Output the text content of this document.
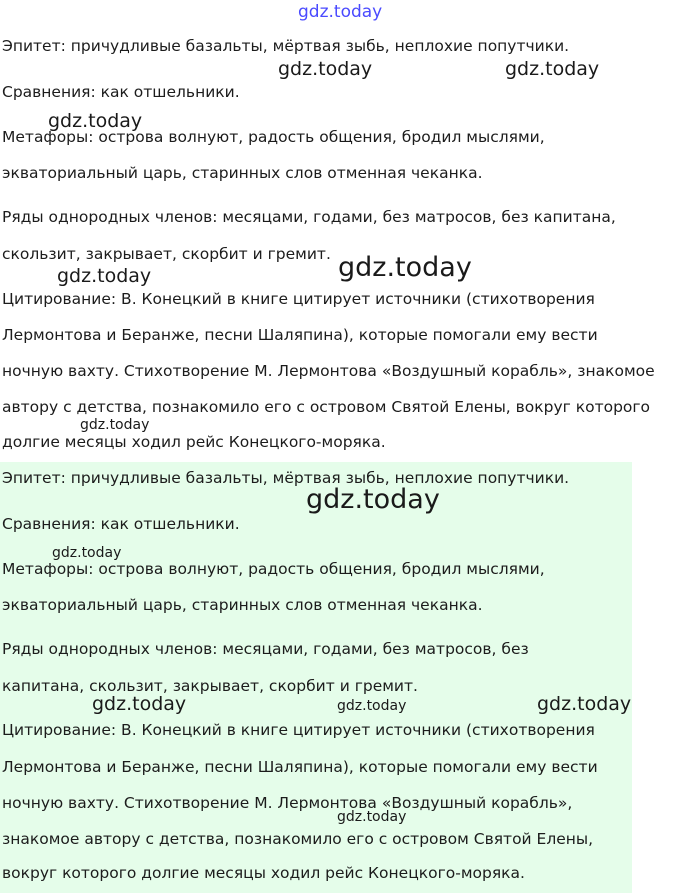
Эпитет: причудливые базальты, мёртвая зыбь, неплохие попутчики.

Сравнения: как отшельники.

Метафоры: острова волнуют, радость общения, бродил мыслями,

экваториальный царь, старинных слов отменная чеканка.

Ряды однородных членов: месяцами, годами, без матросов, без капитана,

скользит, закрывает, скорбит и гремит.

Цитирование: В. Конецкий в книге цитирует источники (стихотворения

Лермонтова и Беранже, песни Шаляпина), которые помогали ему вести

ночную вахту. Стихотворение М. Лермонтова «Воздушный корабль», знакомое

автору с детства, познакомило его с островом Святой Елены, вокруг которого

долгие месяцы ходил рейс Конецкого-моряка.

Эпитет: причудливые базальты, мёртвая зыбь, неплохие попутчики.

Сравнения: как отшельники.

Метафоры: острова волнуют, радость общения, бродил мыслями,

экваториальный царь, старинных слов отменная чеканка.

Ряды однородных членов: месяцами, годами, без матросов, без

капитана, скользит, закрывает, скорбит и гремит.

Цитирование: В. Конецкий в книге цитирует источники (стихотворения

Лермонтова и Беранже, песни Шаляпина), которые помогали ему вести

ночную вахту. Стихотворение М. Лермонтова «Воздушный корабль»,

знакомое автору с детства, познакомило его с островом Святой Елены,

вокруг которого долгие месяцы ходил рейс Конецкого-моряка.

gdz.today
gdz.today	gdz.today
gdz.today
gdz.today	gdz.today
gdz.today
gdz.today
gdz.today
gdz.today	gdz.today	gdz.today
gdz.today
